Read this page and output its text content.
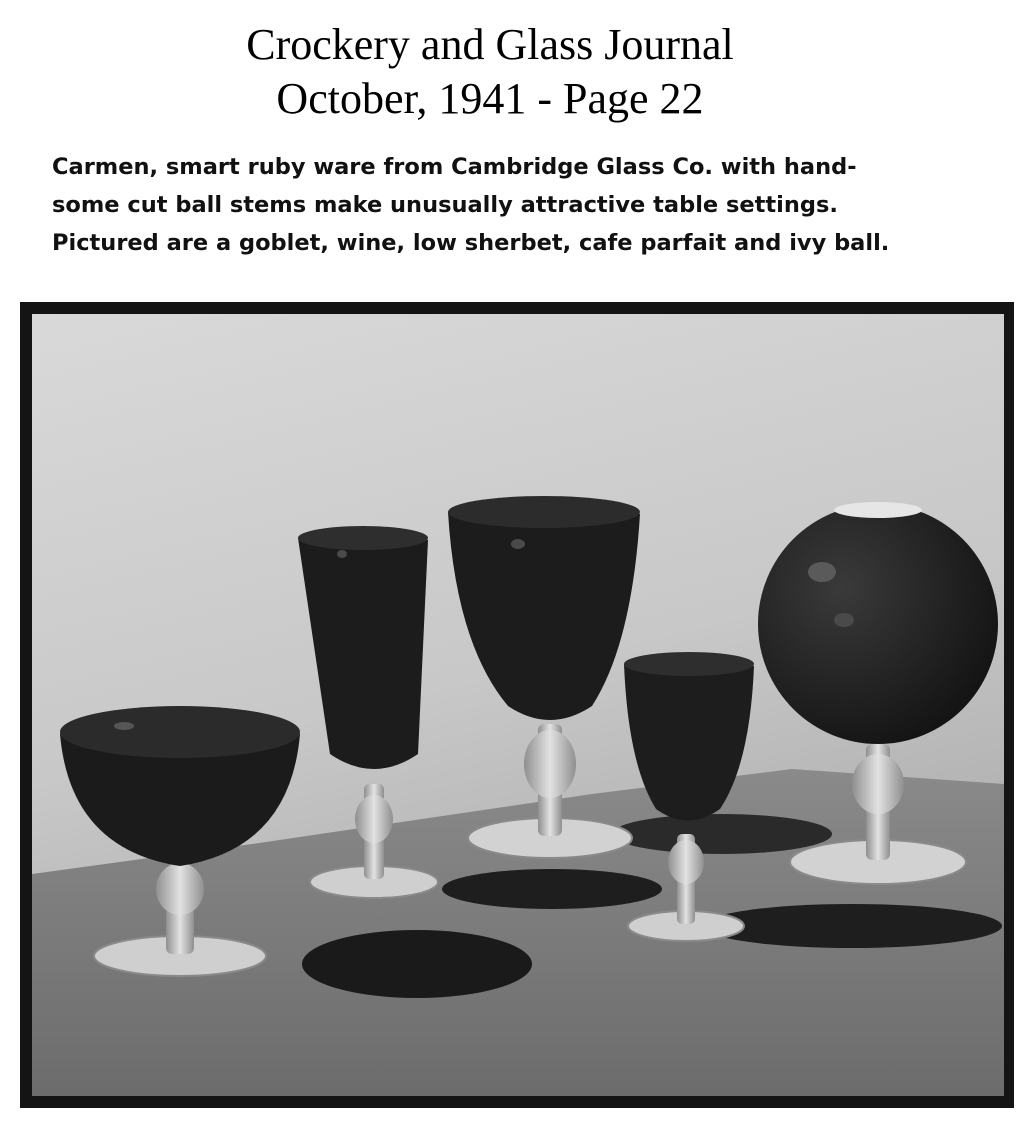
Crockery and Glass Journal
October, 1941 - Page 22
Carmen, smart ruby ware from Cambridge Glass Co. with hand-
some cut ball stems make unusually attractive table settings.
Pictured are a goblet, wine, low sherbet, cafe parfait and ivy ball.
